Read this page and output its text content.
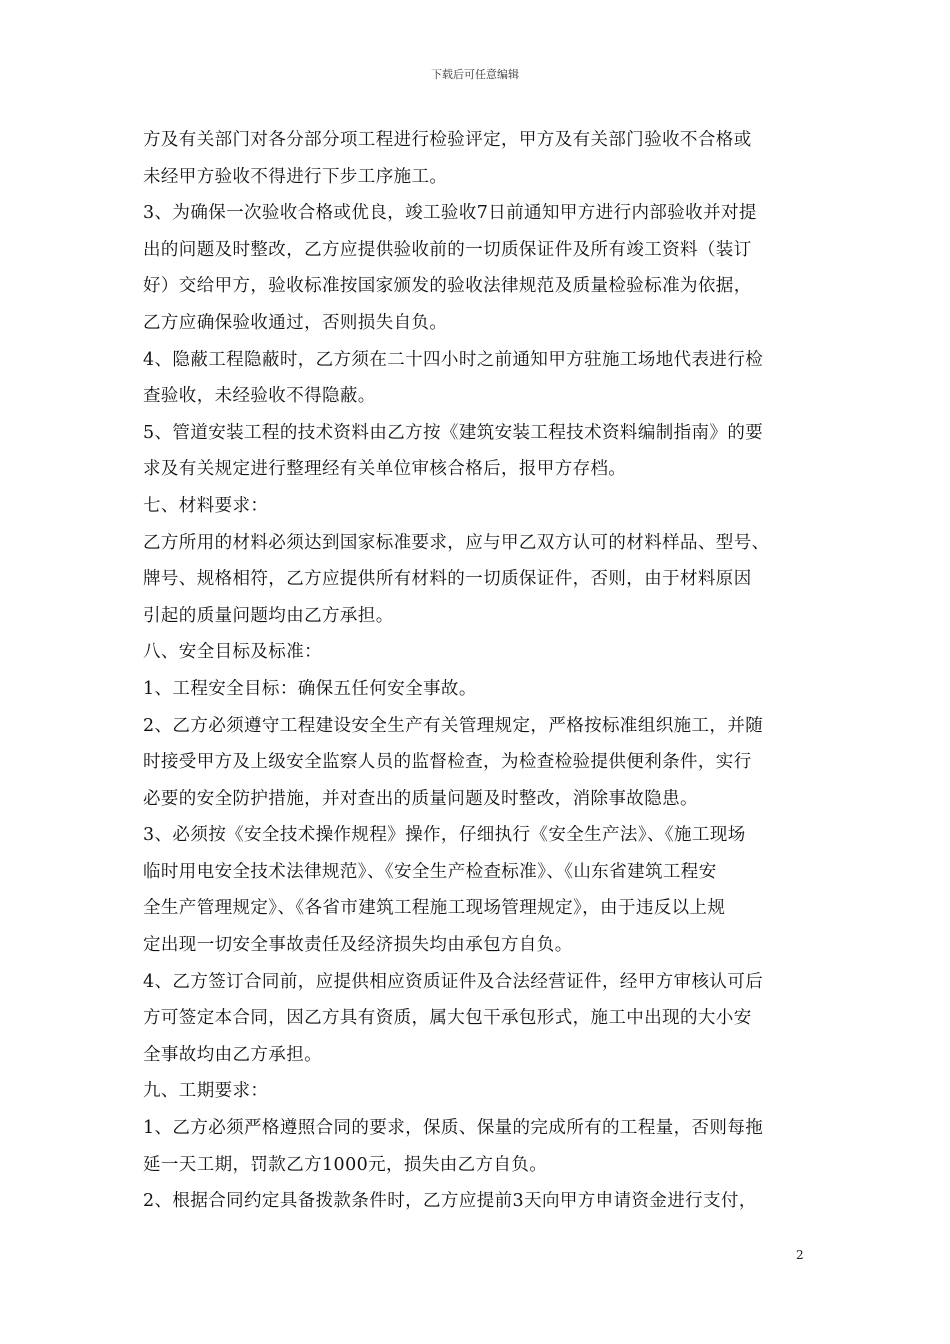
下载后可任意编辑
方及有关部门对各分部分项工程进行检验评定，甲方及有关部门验收不合格或
未经甲方验收不得进行下步工序施工。
3、为确保一次验收合格或优良，竣工验收7日前通知甲方进行内部验收并对提
出的问题及时整改，乙方应提供验收前的一切质保证件及所有竣工资料（装订
好）交给甲方，验收标准按国家颁发的验收法律规范及质量检验标准为依据，
乙方应确保验收通过，否则损失自负。
4、隐蔽工程隐蔽时，乙方须在二十四小时之前通知甲方驻施工场地代表进行检
查验收，未经验收不得隐蔽。
5、管道安装工程的技术资料由乙方按《建筑安装工程技术资料编制指南》的要
求及有关规定进行整理经有关单位审核合格后，报甲方存档。
七、材料要求：
乙方所用的材料必须达到国家标准要求，应与甲乙双方认可的材料样品、型号、
牌号、规格相符，乙方应提供所有材料的一切质保证件，否则，由于材料原因
引起的质量问题均由乙方承担。
八、安全目标及标准：
1、工程安全目标：确保五任何安全事故。
2、乙方必须遵守工程建设安全生产有关管理规定，严格按标准组织施工，并随
时接受甲方及上级安全监察人员的监督检查，为检查检验提供便利条件，实行
必要的安全防护措施，并对查出的质量问题及时整改，消除事故隐患。
3、必须按《安全技术操作规程》操作，仔细执行《安全生产法》、《施工现场
临时用电安全技术法律规范》、《安全生产检查标准》、《山东省建筑工程安
全生产管理规定》、《各省市建筑工程施工现场管理规定》，由于违反以上规
定出现一切安全事故责任及经济损失均由承包方自负。
4、乙方签订合同前，应提供相应资质证件及合法经营证件，经甲方审核认可后
方可签定本合同，因乙方具有资质，属大包干承包形式，施工中出现的大小安
全事故均由乙方承担。
九、工期要求：
1、乙方必须严格遵照合同的要求，保质、保量的完成所有的工程量，否则每拖
延一天工期，罚款乙方1000元，损失由乙方自负。
2、根据合同约定具备拨款条件时，乙方应提前3天向甲方申请资金进行支付，
2
